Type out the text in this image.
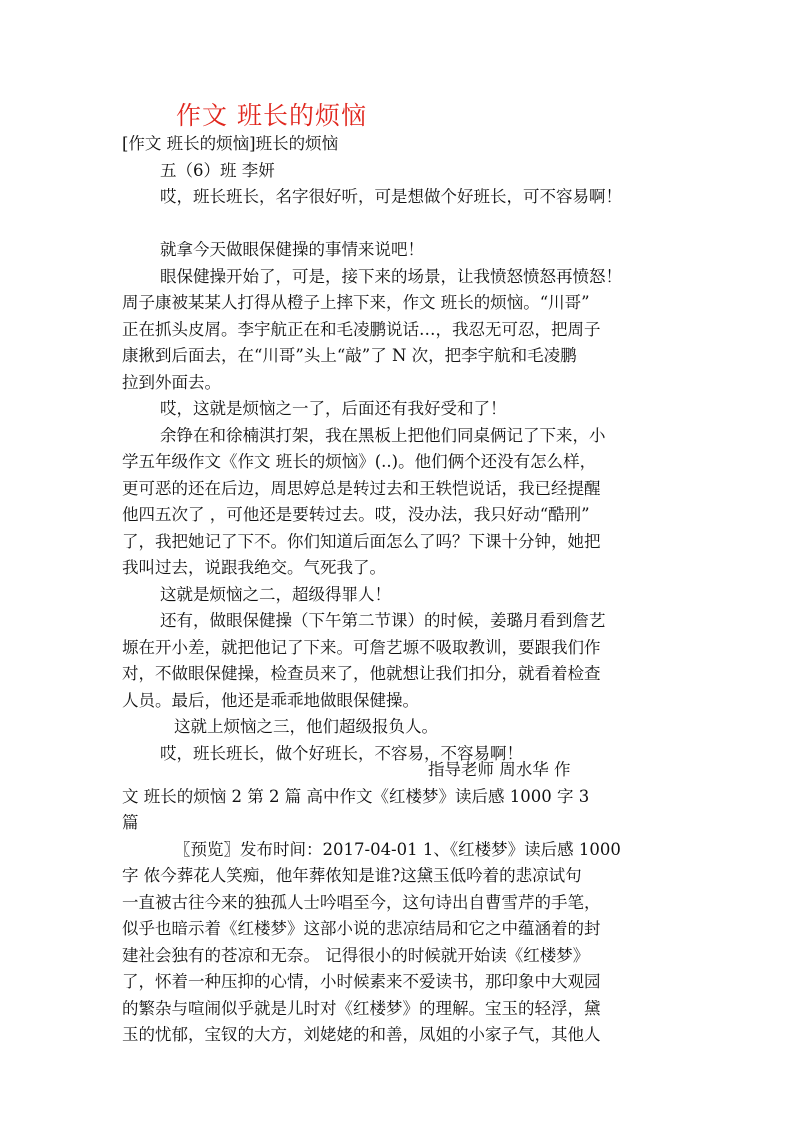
作文 班长的烦恼
[作文 班长的烦恼]班长的烦恼
五（6）班 李妍
哎，班长班长，名字很好听，可是想做个好班长，可不容易啊！
就拿今天做眼保健操的事情来说吧！
眼保健操开始了，可是，接下来的场景，让我愤怒愤怒再愤怒！
周子康被某某人打得从橙子上摔下来，作文 班长的烦恼。“川哥”
正在抓头皮屑。李宇航正在和毛凌鹏说话…，我忍无可忍，把周子
康揪到后面去，在“川哥”头上“敲”了 N 次，把李宇航和毛凌鹏
拉到外面去。
哎，这就是烦恼之一了，后面还有我好受和了！
余铮在和徐楠淇打架，我在黑板上把他们同桌俩记了下来，小
学五年级作文《作文 班长的烦恼》(..)。他们俩个还没有怎么样，
更可恶的还在后边，周思婷总是转过去和王轶恺说话，我已经提醒
他四五次了 ，可他还是要转过去。哎，没办法，我只好动“酷刑”
了，我把她记了下不。你们知道后面怎么了吗？下课十分钟，她把
我叫过去，说跟我绝交。气死我了。
这就是烦恼之二，超级得罪人！
还有，做眼保健操（下午第二节课）的时候，姜璐月看到詹艺
塬在开小差，就把他记了下来。可詹艺塬不吸取教训，要跟我们作
对，不做眼保健操，检查员来了，他就想让我们扣分，就看着检查
人员。最后，他还是乖乖地做眼保健操。
这就上烦恼之三，他们超级报负人。
哎，班长班长，做个好班长，不容易，不容易啊！
指导老师 周水华 作
文 班长的烦恼 2 第 2 篇 高中作文《红楼梦》读后感 1000 字 3
篇
〖预览〗发布时间：2017-04-01 1、《红楼梦》读后感 1000
字 侬今葬花人笑痴，他年葬侬知是谁?这黛玉低吟着的悲凉试句
一直被古往今来的独孤人士吟唱至今，这句诗出自曹雪芹的手笔，
似乎也暗示着《红楼梦》这部小说的悲凉结局和它之中蕴涵着的封
建社会独有的苍凉和无奈。 记得很小的时候就开始读《红楼梦》
了，怀着一种压抑的心情，小时候素来不爱读书，那印象中大观园
的繁杂与喧闹似乎就是儿时对《红楼梦》的理解。宝玉的轻浮，黛
玉的忧郁，宝钗的大方，刘姥姥的和善，凤姐的小家子气，其他人
